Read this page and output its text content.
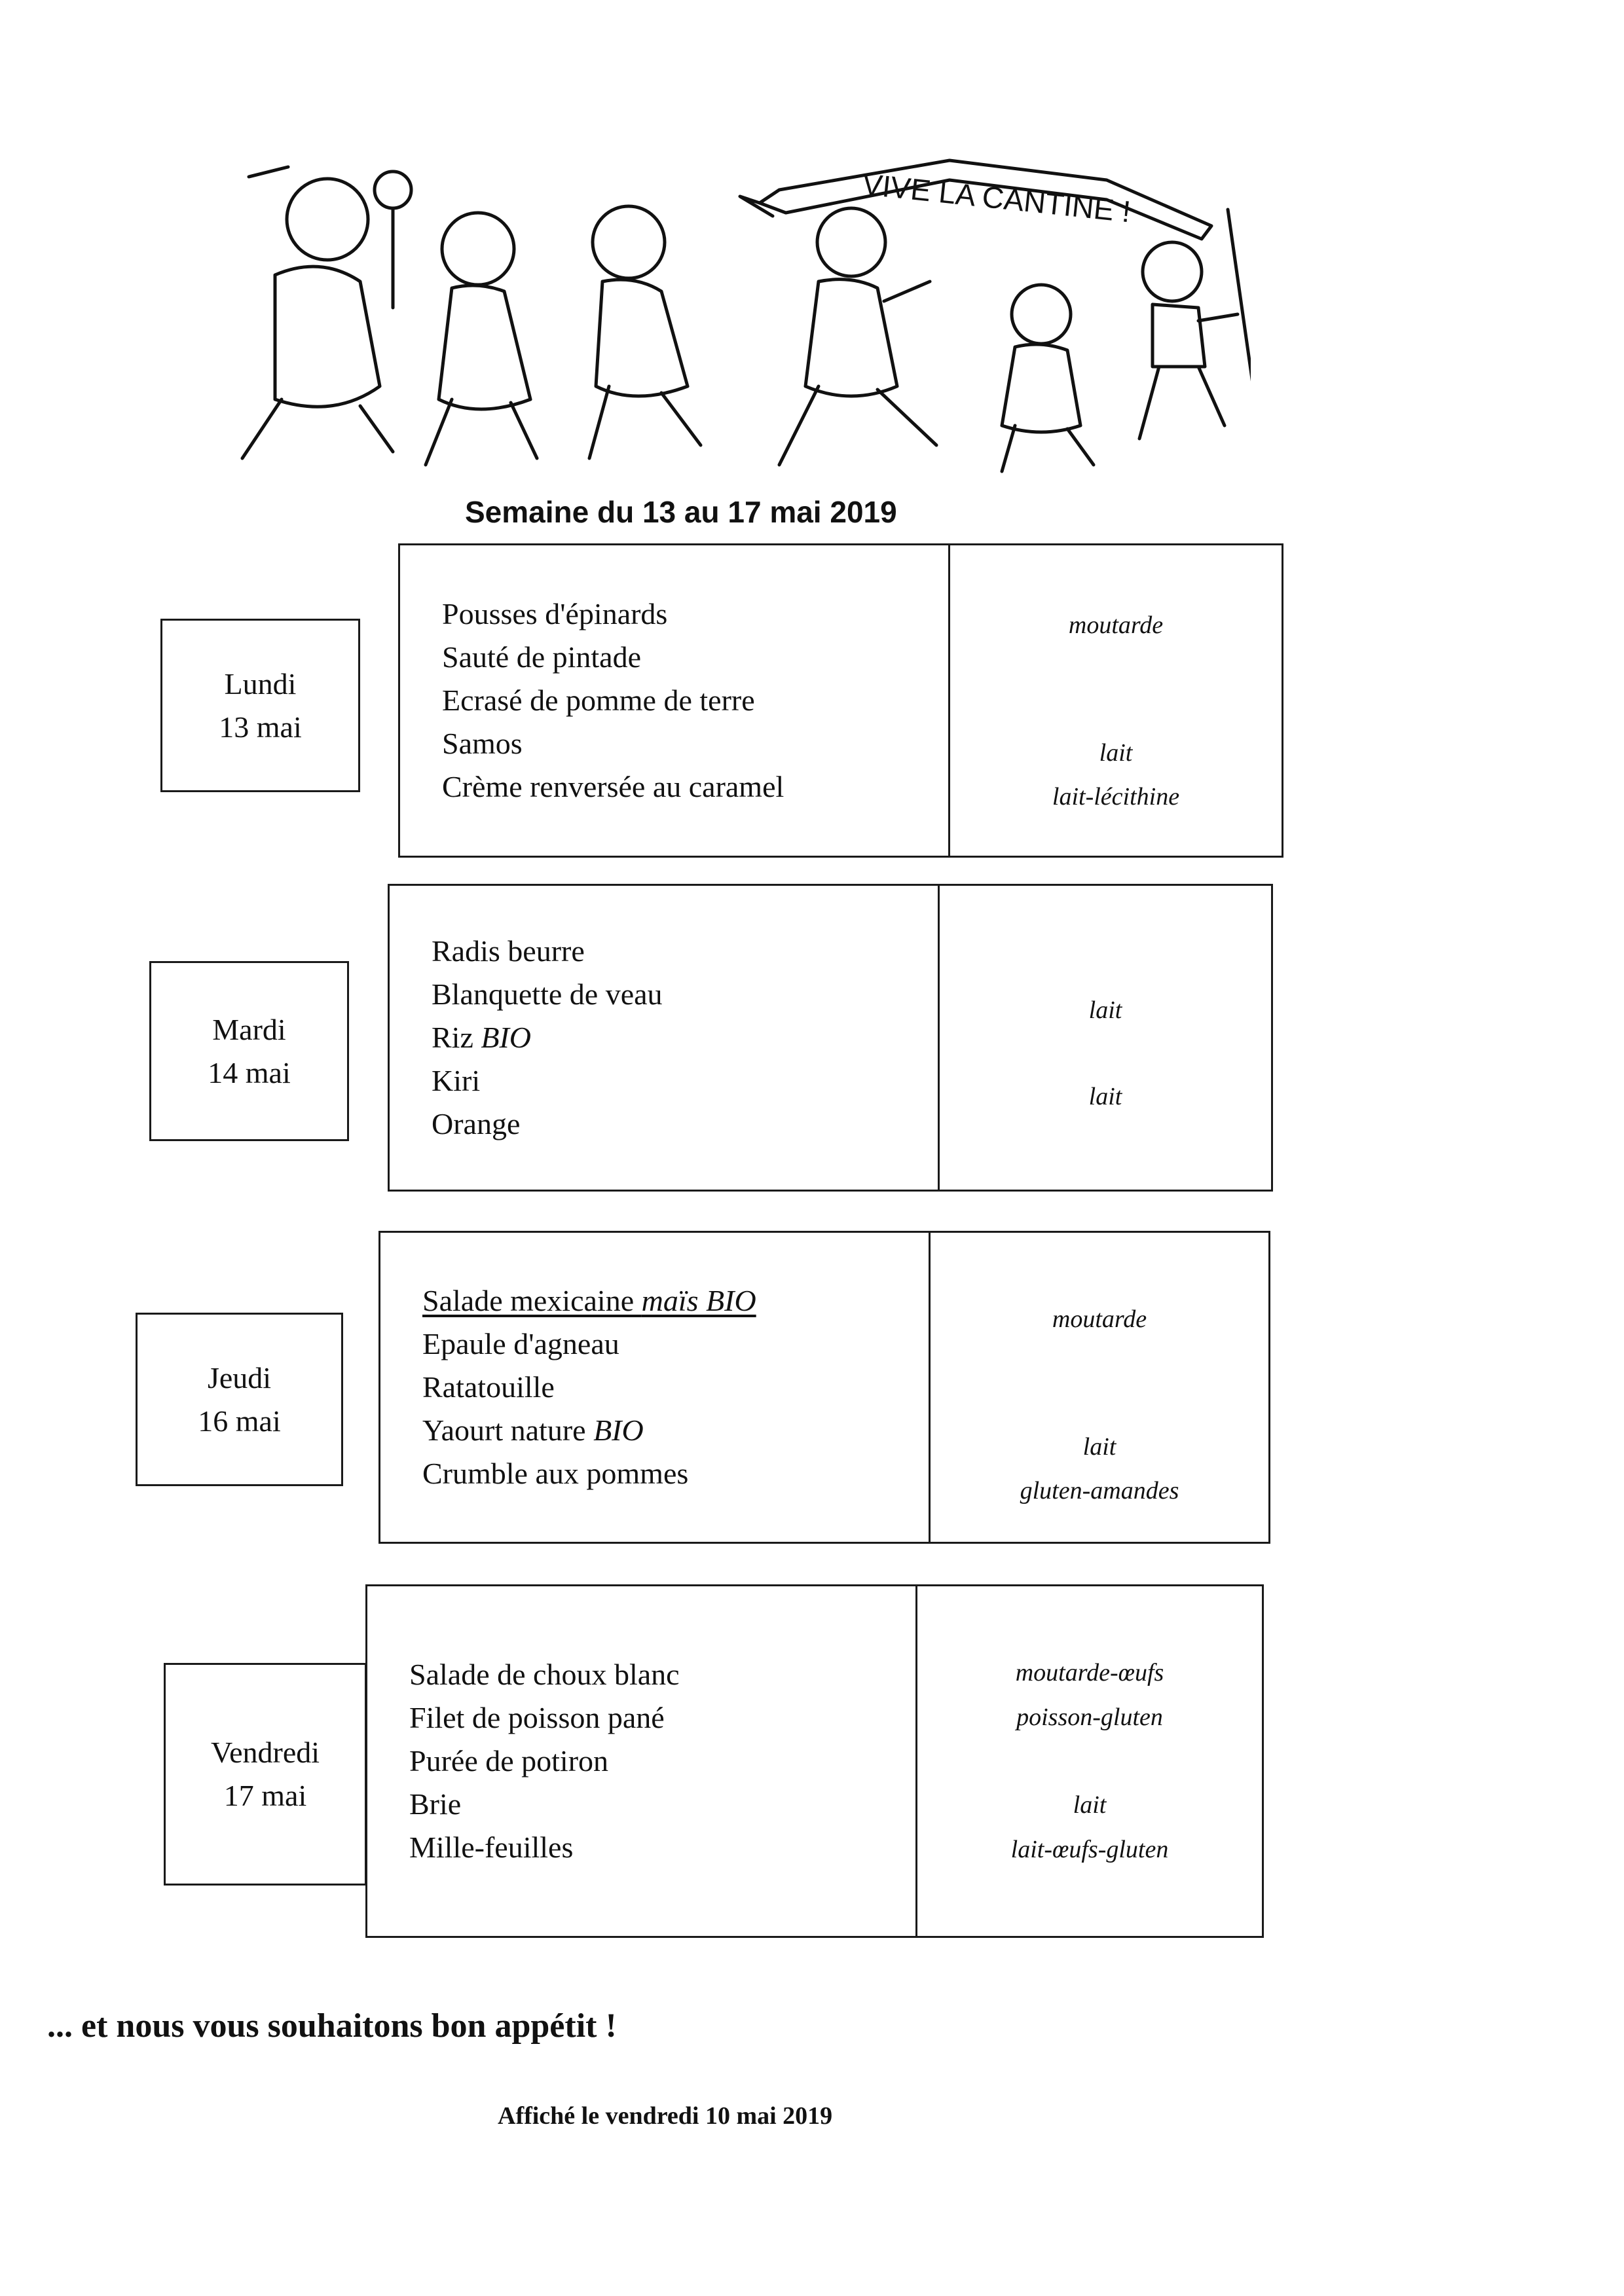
VIVE LA CANTINE !
Semaine du 13 au 17 mai 2019
Lundi
13 mai
Pousses d'épinards
Sauté de pintade
Ecrasé de pomme de terre
Samos
Crème renversée au caramel
moutarde
lait
lait-lécithine
Mardi
14 mai
Radis beurre
Blanquette de veau
Riz BIO
Kiri
Orange
lait
lait
Jeudi
16 mai
Salade mexicaine maïs BIO
Epaule d'agneau
Ratatouille
Yaourt nature BIO
Crumble aux pommes
moutarde
lait
gluten-amandes
Vendredi
17 mai
Salade de choux blanc
Filet de poisson pané
Purée de potiron
Brie
Mille-feuilles
moutarde-œufs
poisson-gluten
lait
lait-œufs-gluten
... et nous vous souhaitons bon appétit !
Affiché le vendredi 10 mai 2019
